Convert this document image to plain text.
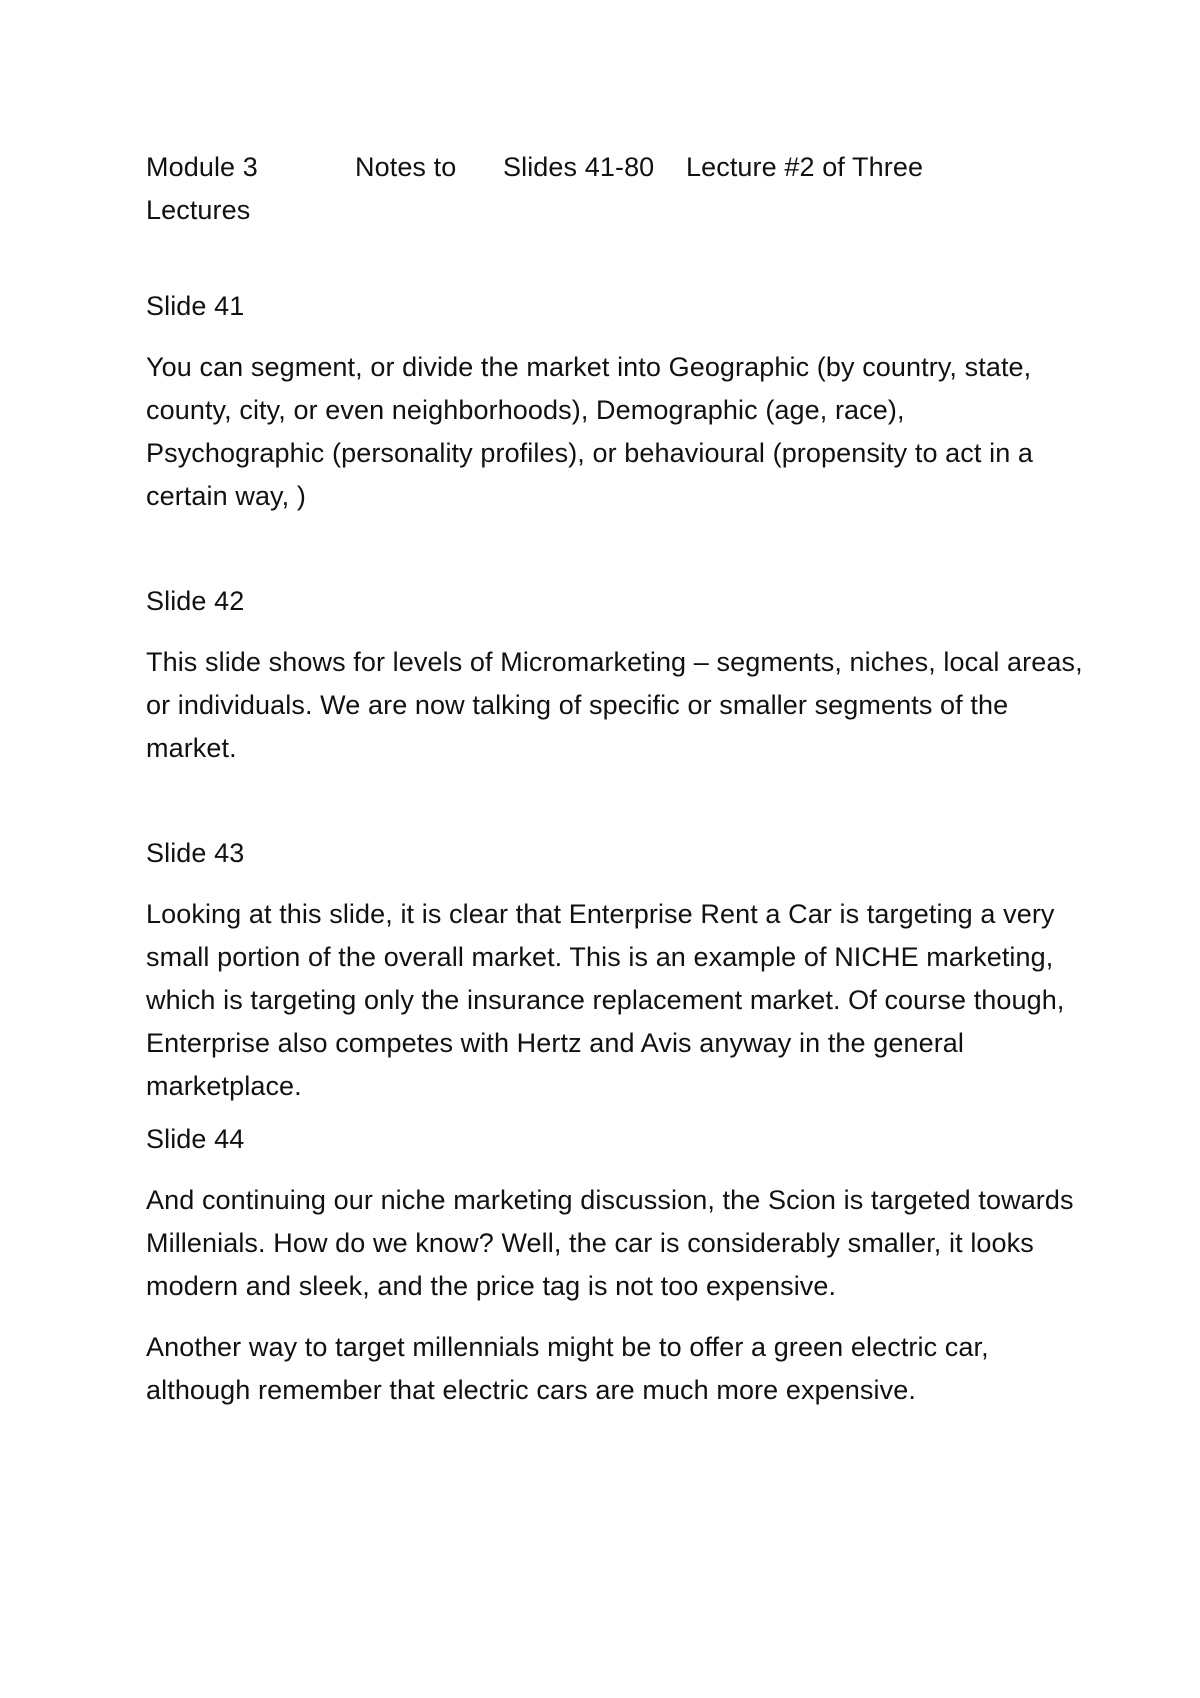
Module 3	Notes to Slides 41-80 Lecture #2 of Three
Lectures
Slide 41

You can segment, or divide the market into Geographic (by country, state, county, city, or even neighborhoods), Demographic (age, race), Psychographic (personality profiles), or behavioural (propensity to act in a certain way, )

Slide 42

This slide shows for levels of Micromarketing – segments, niches, local areas, or individuals. We are now talking of specific or smaller segments of the market.

Slide 43

Looking at this slide, it is clear that Enterprise Rent a Car is targeting a very small portion of the overall market. This is an example of NICHE marketing, which is targeting only the insurance replacement market. Of course though, Enterprise also competes with Hertz and Avis anyway in the general marketplace.

Slide 44

And continuing our niche marketing discussion, the Scion is targeted towards Millenials. How do we know? Well, the car is considerably smaller, it looks modern and sleek, and the price tag is not too expensive.

Another way to target millennials might be to offer a green electric car, although remember that electric cars are much more expensive.
